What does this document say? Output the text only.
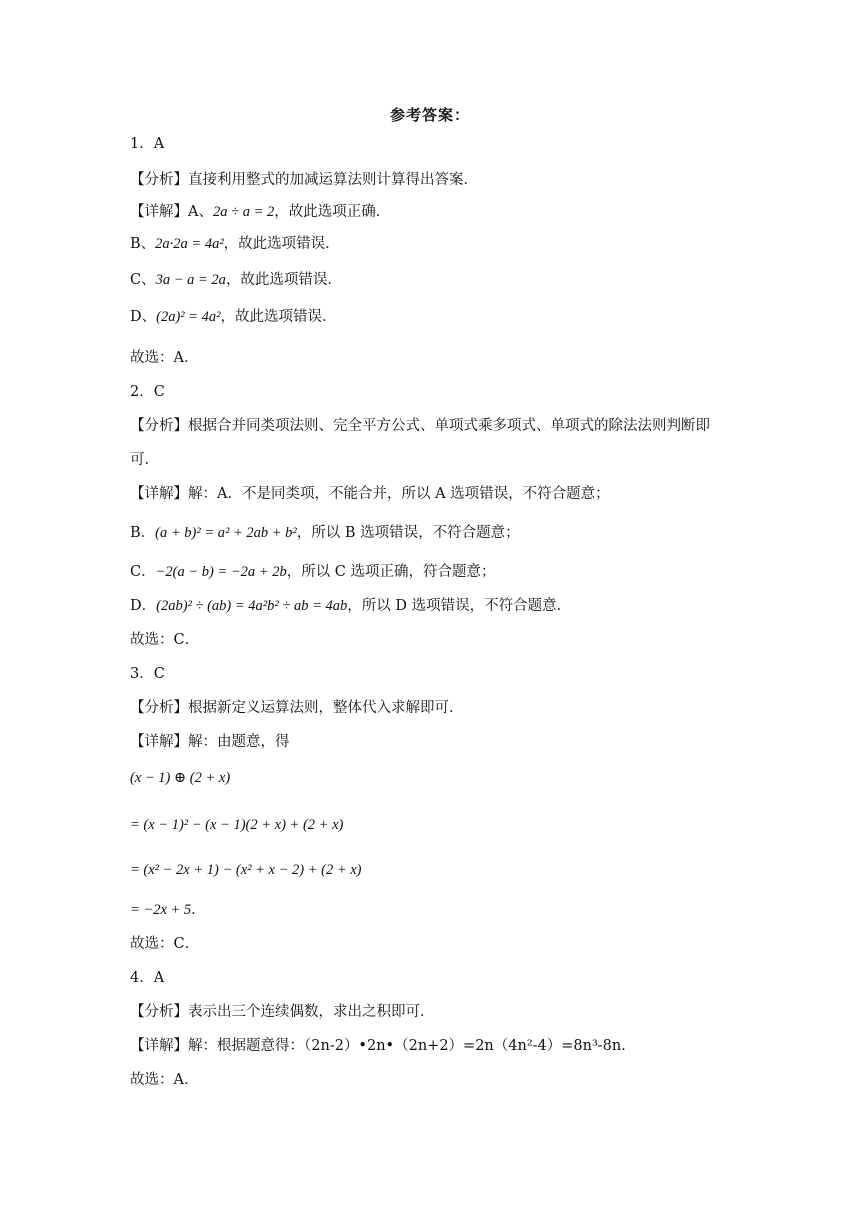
参考答案：
1．A
【分析】直接利用整式的加减运算法则计算得出答案．
【详解】A、2a ÷ a = 2，故此选项正确．
B、2a·2a = 4a²，故此选项错误．
C、3a − a = 2a，故此选项错误．
D、(2a)² = 4a²，故此选项错误．
故选：A．
2．C
【分析】根据合并同类项法则、完全平方公式、单项式乘多项式、单项式的除法法则判断即
可．
【详解】解：A．不是同类项，不能合并，所以 A 选项错误，不符合题意；
B．(a + b)² = a² + 2ab + b²，所以 B 选项错误，不符合题意；
C．−2(a − b) = −2a + 2b，所以 C 选项正确，符合题意；
D．(2ab)² ÷ (ab) = 4a²b² ÷ ab = 4ab，所以 D 选项错误，不符合题意．
故选：C．
3．C
【分析】根据新定义运算法则，整体代入求解即可．
【详解】解：由题意，得
(x − 1) ⊕ (2 + x)
= (x − 1)² − (x − 1)(2 + x) + (2 + x)
= (x² − 2x + 1) − (x² + x − 2) + (2 + x)
= −2x + 5．
故选：C．
4．A
【分析】表示出三个连续偶数，求出之积即可．
【详解】解：根据题意得：（2n-2）•2n•（2n+2）=2n（4n²-4）=8n³-8n．
故选：A．
